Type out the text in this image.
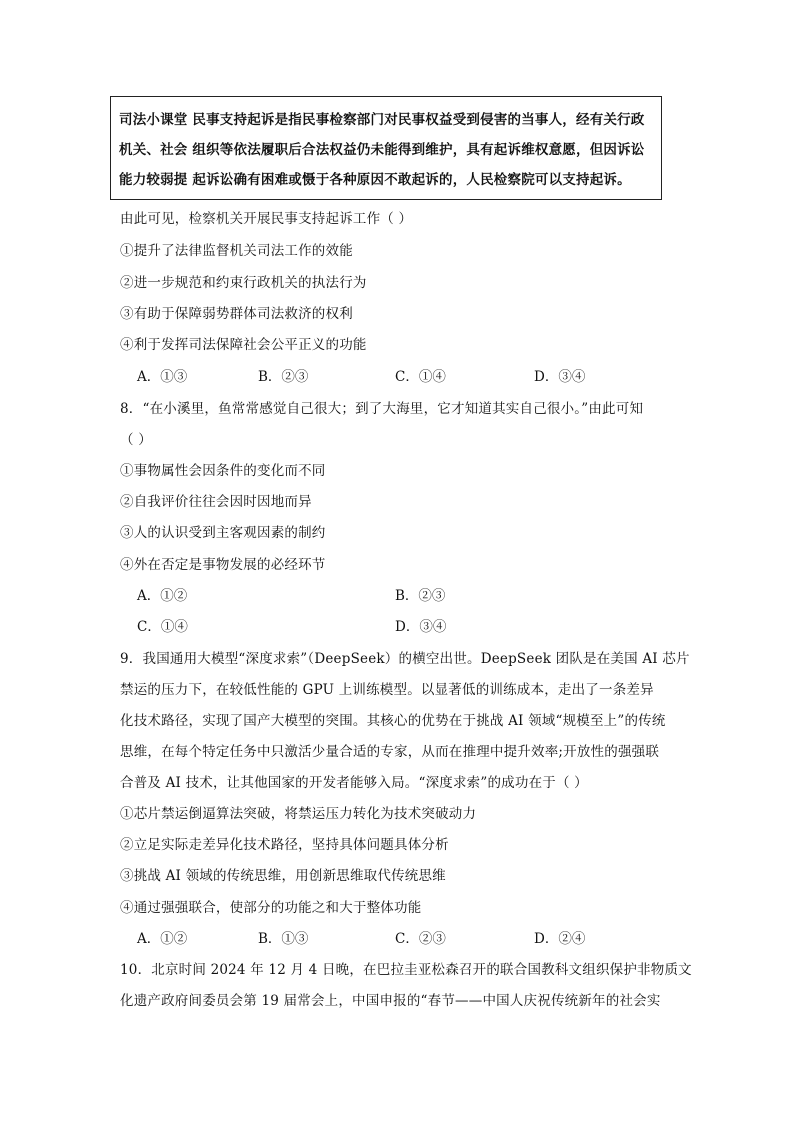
司法小课堂 民事支持起诉是指民事检察部门对民事权益受到侵害的当事人，经有关行政
机关、社会 组织等依法履职后合法权益仍未能得到维护，具有起诉维权意愿，但因诉讼
能力较弱提 起诉讼确有困难或慑于各种原因不敢起诉的，人民检察院可以支持起诉。
由此可见，检察机关开展民事支持起诉工作（ ）
①提升了法律监督机关司法工作的效能
②进一步规范和约束行政机关的执法行为
③有助于保障弱势群体司法救济的权利
④利于发挥司法保障社会公平正义的功能
A．①③	B．②③	C．①④	D．③④
8．“在小溪里，鱼常常感觉自己很大；到了大海里，它才知道其实自己很小。”由此可知
（ ）
①事物属性会因条件的变化而不同
②自我评价往往会因时因地而异
③人的认识受到主客观因素的制约
④外在否定是事物发展的必经环节
A．①②	B．②③
C．①④	D．③④
9．我国通用大模型“深度求索”（DeepSeek）的横空出世。DeepSeek 团队是在美国 AI 芯片
禁运的压力下，在较低性能的 GPU 上训练模型。以显著低的训练成本，走出了一条差异
化技术路径，实现了国产大模型的突围。其核心的优势在于挑战 AI 领域“规模至上”的传统
思维，在每个特定任务中只激活少量合适的专家，从而在推理中提升效率;开放性的强强联
合普及 AI 技术，让其他国家的开发者能够入局。“深度求索”的成功在于（ ）
①芯片禁运倒逼算法突破，将禁运压力转化为技术突破动力
②立足实际走差异化技术路径，坚持具体问题具体分析
③挑战 AI 领域的传统思维，用创新思维取代传统思维
④通过强强联合，使部分的功能之和大于整体功能
A．①②	B．①③	C．②③	D．②④
10．北京时间 2024 年 12 月 4 日晚，在巴拉圭亚松森召开的联合国教科文组织保护非物质文
化遗产政府间委员会第 19 届常会上，中国申报的“春节——中国人庆祝传统新年的社会实
